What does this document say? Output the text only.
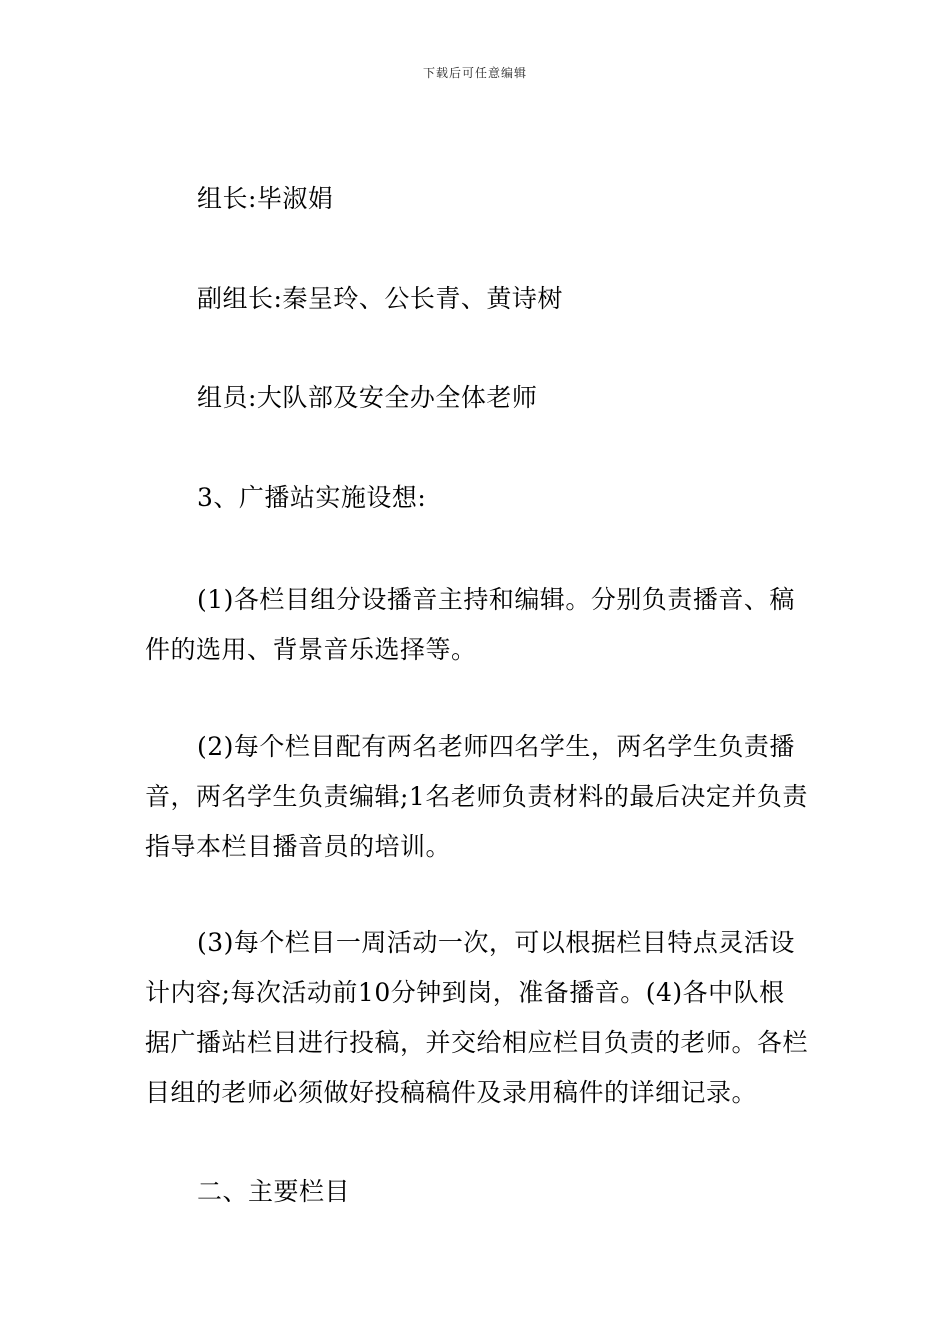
下载后可任意编辑
组长:毕淑娟
副组长:秦呈玲、公长青、黄诗树
组员:大队部及安全办全体老师
3、广播站实施设想:
(1)各栏目组分设播音主持和编辑。分别负责播音、稿件的选用、背景音乐选择等。
(2)每个栏目配有两名老师四名学生，两名学生负责播音，两名学生负责编辑;1名老师负责材料的最后决定并负责指导本栏目播音员的培训。
(3)每个栏目一周活动一次，可以根据栏目特点灵活设计内容;每次活动前10分钟到岗，准备播音。(4)各中队根据广播站栏目进行投稿，并交给相应栏目负责的老师。各栏目组的老师必须做好投稿稿件及录用稿件的详细记录。
二、主要栏目
